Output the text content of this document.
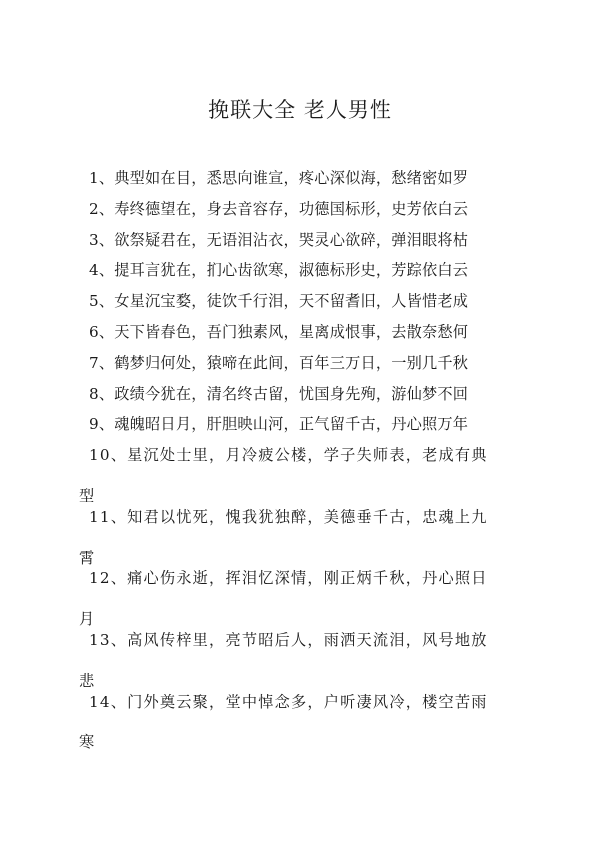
挽联大全 老人男性
1、典型如在目，悉思向谁宣，疼心深似海，愁绪密如罗
2、寿终德望在，身去音容存，功德国标形，史芳依白云
3、欲祭疑君在，无语泪沾衣，哭灵心欲碎，弹泪眼将枯
4、提耳言犹在，扪心齿欲寒，淑德标形史，芳踪依白云
5、女星沉宝婺，徒饮千行泪，天不留耆旧，人皆惜老成
6、天下皆春色，吾门独素风，星离成恨事，去散奈愁何
7、鹤梦归何处，猿啼在此间，百年三万日，一别几千秋
8、政绩今犹在，清名终古留，忧国身先殉，游仙梦不回
9、魂魄昭日月，肝胆映山河，正气留千古，丹心照万年
10、星沉处士里，月冷疲公楼，学子失师表，老成有典
型
11、知君以忧死，愧我犹独醉，美德垂千古，忠魂上九
霄
12、痛心伤永逝，挥泪忆深情，刚正炳千秋，丹心照日
月
13、高风传梓里，亮节昭后人，雨洒天流泪，风号地放
悲
14、门外奠云聚，堂中悼念多，户听凄风冷，楼空苦雨
寒
